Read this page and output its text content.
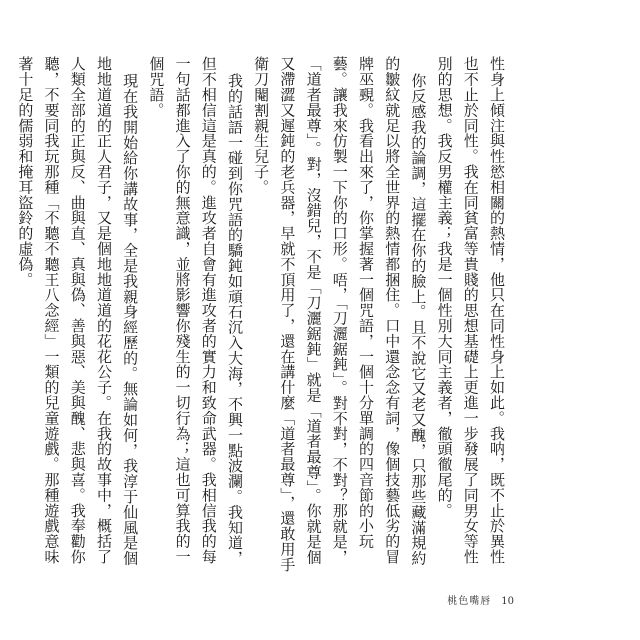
性身上傾注與性慾相關的熱情，他只在同性身上如此。我呐，既不止於異性也不止於同性。我在同貧富等貴賤的思想基礎上更進一步發展了同男女等性別的思想。我反男權主義；我是一個性別大同主義者，徹頭徹尾的。

你反感我的論調，這擺在你的臉上。且不說它又老又醜，只那些藏滿規約的皺紋就足以將全世界的熱情都捆住。口中還念念有詞，像個技藝低劣的冒牌巫覡。我看出來了，你掌握著一個咒語，一個十分單調的四音節的小玩藝。讓我來仿製一下你的口形。唔，「刀灑鋸鈍」。對不對，不對？那就是，「道者最尊」。對，沒錯兒，不是「刀灑鋸鈍」就是「道者最尊」。你就是個又滯澀又遲鈍的老兵器，早就不頂用了，還在講什麼「道者最尊」，還敢用手衛刀閹割親生兒子。

我的話語一碰到你咒語的驕鈍如頑石沉入大海，不興一點波瀾。我知道，但不相信這是真的。進攻者自會有進攻者的實力和致命武器。我相信我的每一句話都進入了你的無意識，並將影響你殘生的一切行為；這也可算我的一個咒語。

現在我開始給你講故事，全是我親身經歷的。無論如何，我淳于仙風是個地地道道的正人君子，又是個地地道道的花花公子。在我的故事中，概括了人類全部的正與反、曲與直、真與偽、善與惡、美與醜、悲與喜。我奉勸你聽，不要同我玩那種「不聽不聽王八念經」一類的兒童遊戲。那種遊戲意味著十足的儒弱和掩耳盜鈴的虛偽。

桃色嘴唇 10
